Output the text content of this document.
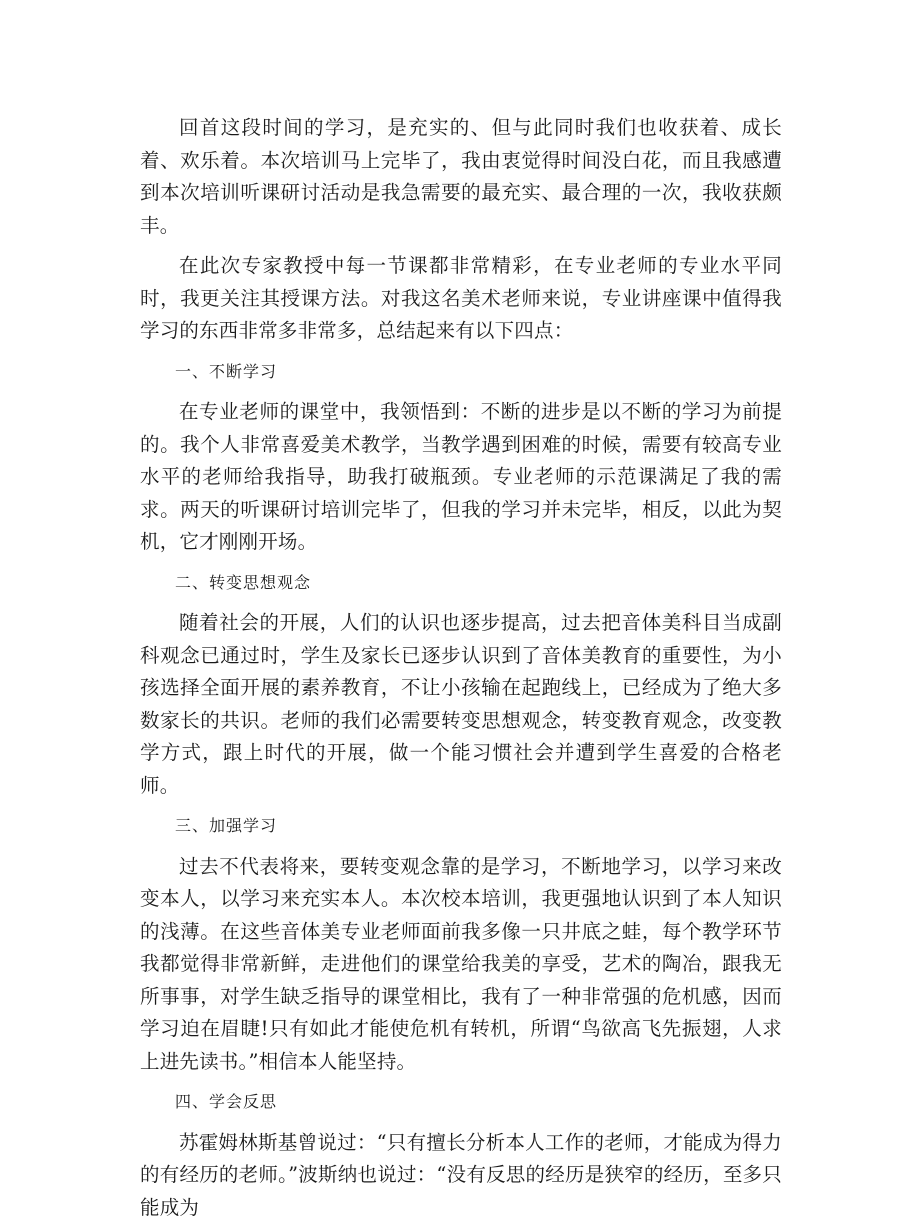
回首这段时间的学习，是充实的、但与此同时我们也收获着、成长着、欢乐着。本次培训马上完毕了，我由衷觉得时间没白花，而且我感遭到本次培训听课研讨活动是我急需要的最充实、最合理的一次，我收获颇丰。

在此次专家教授中每一节课都非常精彩，在专业老师的专业水平同时，我更关注其授课方法。对我这名美术老师来说，专业讲座课中值得我学习的东西非常多非常多，总结起来有以下四点：

一、不断学习

在专业老师的课堂中，我领悟到：不断的进步是以不断的学习为前提的。我个人非常喜爱美术教学，当教学遇到困难的时候，需要有较高专业水平的老师给我指导，助我打破瓶颈。专业老师的示范课满足了我的需求。两天的听课研讨培训完毕了，但我的学习并未完毕，相反，以此为契机，它才刚刚开场。

二、转变思想观念

随着社会的开展，人们的认识也逐步提高，过去把音体美科目当成副科观念已通过时，学生及家长已逐步认识到了音体美教育的重要性，为小孩选择全面开展的素养教育，不让小孩输在起跑线上，已经成为了绝大多数家长的共识。老师的我们必需要转变思想观念，转变教育观念，改变教学方式，跟上时代的开展，做一个能习惯社会并遭到学生喜爱的合格老师。

三、加强学习

过去不代表将来，要转变观念靠的是学习，不断地学习，以学习来改变本人，以学习来充实本人。本次校本培训，我更强地认识到了本人知识的浅薄。在这些音体美专业老师面前我多像一只井底之蛙，每个教学环节我都觉得非常新鲜，走进他们的课堂给我美的享受，艺术的陶冶，跟我无所事事，对学生缺乏指导的课堂相比，我有了一种非常强的危机感，因而学习迫在眉睫!只有如此才能使危机有转机，所谓“鸟欲高飞先振翅，人求上进先读书。”相信本人能坚持。

四、学会反思

苏霍姆林斯基曾说过：“只有擅长分析本人工作的老师，才能成为得力的有经历的老师。”波斯纳也说过：“没有反思的经历是狭窄的经历，至多只能成为
